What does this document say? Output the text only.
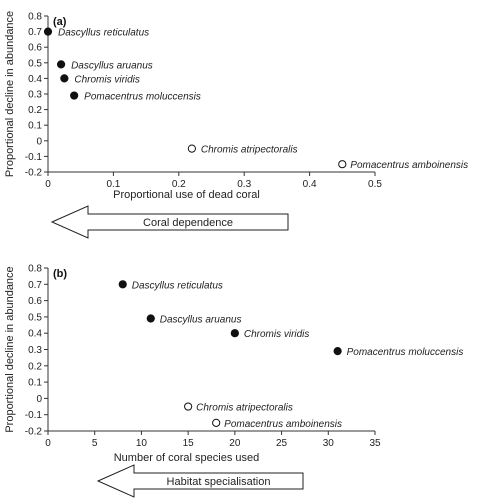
-0.2
-0.1
0
0.1
0.2
0.3
0.4
0.5
0.6
0.7
0.8
0	0.1	0.2	0.3	0.4	0.5
(a)
Proportional use of dead coral
Proportional decline in abundance	Dascyllus reticulatus
Dascyllus aruanus
Chromis viridis
Pomacentrus moluccensis
Chromis atripectoralis
Pomacentrus amboinensis
Coral dependence
-0.2
-0.1
0
0.1
0.2
0.3
0.4
0.5
0.6
0.7
0.8
0	5	10	15	20	25	30	35
(b)
Number of coral species used
Proportional decline in abundance	Dascyllus reticulatus
Dascyllus aruanus
Chromis viridis
Pomacentrus moluccensis
Chromis atripectoralis
Pomacentrus amboinensis
Habitat specialisation
